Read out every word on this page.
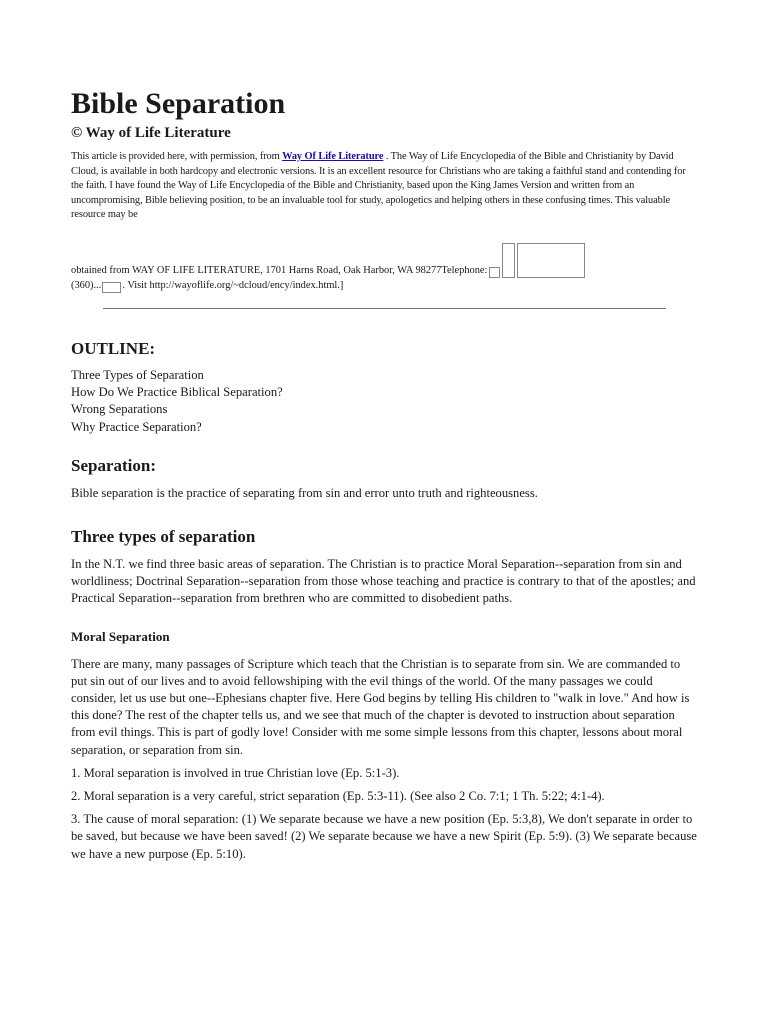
Bible Separation
© Way of Life Literature

This article is provided here, with permission, from Way Of Life Literature . The Way of Life Encyclopedia of the Bible and Christianity by David Cloud, is available in both hardcopy and electronic versions. It is an excellent resource for Christians who are taking a faithful stand and contending for the faith. I have found the Way of Life Encyclopedia of the Bible and Christianity, based upon the King James Version and written from an uncompromising, Bible believing position, to be an invaluable tool for study, apologetics and helping others in these confusing times. This valuable resource may be

obtained from WAY OF LIFE LITERATURE, 1701 Harns Road, Oak Harbor, WA 98277Telephone:
(360)... . Visit http://wayoflife.org/~dcloud/ency/index.html.]
OUTLINE:
Three Types of Separation
How Do We Practice Biblical Separation?
Wrong Separations
Why Practice Separation?
Separation:

Bible separation is the practice of separating from sin and error unto truth and righteousness.

Three types of separation

In the N.T. we find three basic areas of separation. The Christian is to practice Moral Separation--separation from sin and worldliness; Doctrinal Separation--separation from those whose teaching and practice is contrary to that of the apostles; and Practical Separation--separation from brethren who are committed to disobedient paths.

Moral Separation

There are many, many passages of Scripture which teach that the Christian is to separate from sin. We are commanded to put sin out of our lives and to avoid fellowshiping with the evil things of the world. Of the many passages we could consider, let us use but one--Ephesians chapter five. Here God begins by telling His children to "walk in love." And how is this done? The rest of the chapter tells us, and we see that much of the chapter is devoted to instruction about separation from evil things. This is part of godly love! Consider with me some simple lessons from this chapter, lessons about moral separation, or separation from sin.

1. Moral separation is involved in true Christian love (Ep. 5:1-3).

2. Moral separation is a very careful, strict separation (Ep. 5:3-11). (See also 2 Co. 7:1; 1 Th. 5:22; 4:1-4).

3. The cause of moral separation: (1) We separate because we have a new position (Ep. 5:3,8), We don't separate in order to be saved, but because we have been saved! (2) We separate because we have a new Spirit (Ep. 5:9). (3) We separate because we have a new purpose (Ep. 5:10).
